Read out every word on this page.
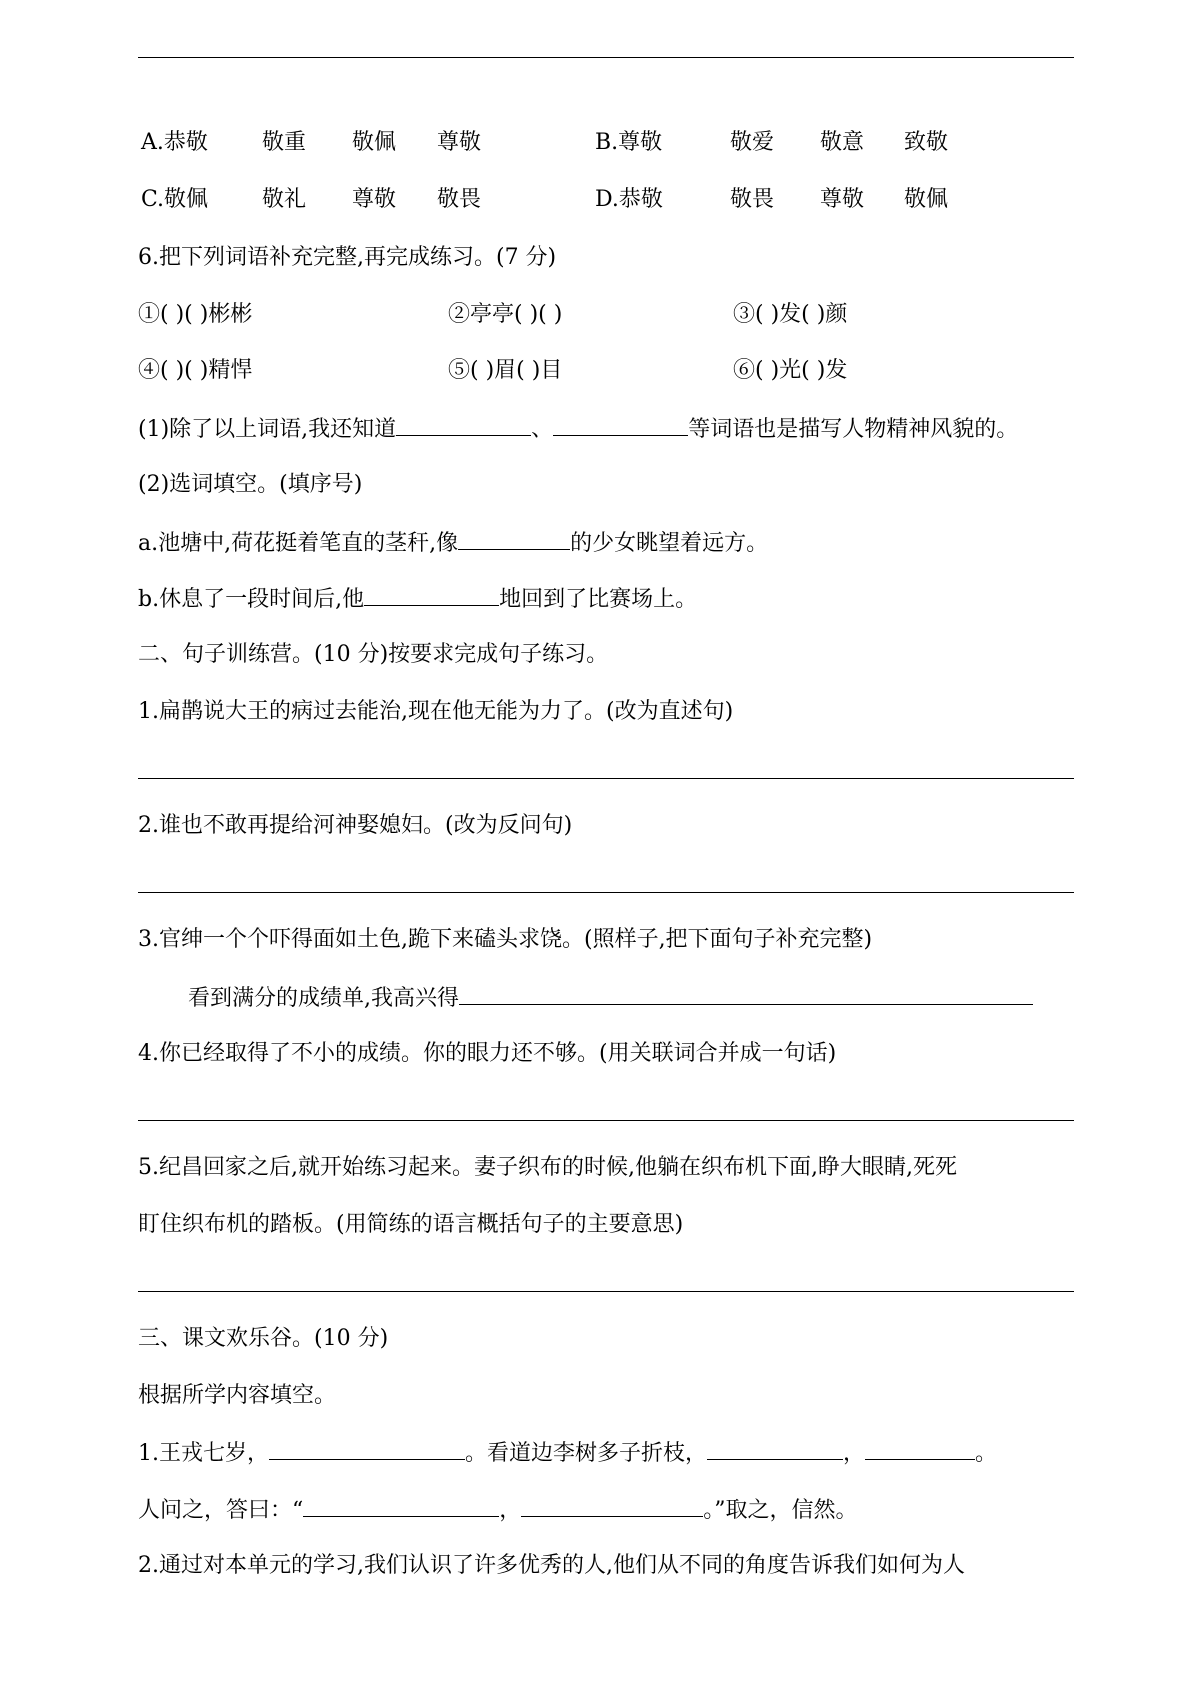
A.恭敬 敬重 敬佩 尊敬	B.尊敬	敬爱 敬意 致敬
C.敬佩 敬礼 尊敬 敬畏	D.恭敬	敬畏 尊敬 敬佩
6.把下列词语补充完整,再完成练习。(7 分)
①( )( )彬彬	②亭亭( )( )	③( )发( )颜
④( )( )精悍	⑤( )眉( )目	⑥( )光( )发
(1)除了以上词语,我还知道	、	等词语也是描写人物精神风貌的。
(2)选词填空。(填序号)
a.池塘中,荷花挺着笔直的茎秆,像	的少女眺望着远方。
b.休息了一段时间后,他	地回到了比赛场上。
二、句子训练营。(10 分)按要求完成句子练习。
1.扁鹊说大王的病过去能治,现在他无能为力了。(改为直述句)
2.谁也不敢再提给河神娶媳妇。(改为反问句)
3.官绅一个个吓得面如土色,跪下来磕头求饶。(照样子,把下面句子补充完整)
看到满分的成绩单,我高兴得
4.你已经取得了不小的成绩。你的眼力还不够。(用关联词合并成一句话)
5.纪昌回家之后,就开始练习起来。妻子织布的时候,他躺在织布机下面,睁大眼睛,死死
盯住织布机的踏板。(用简练的语言概括句子的主要意思)
三、课文欢乐谷。(10 分)
根据所学内容填空。
1.王戎七岁，	。看道边李树多子折枝，	，	。
人问之，答曰：“	，	。”取之，信然。
2.通过对本单元的学习,我们认识了许多优秀的人,他们从不同的角度告诉我们如何为人
